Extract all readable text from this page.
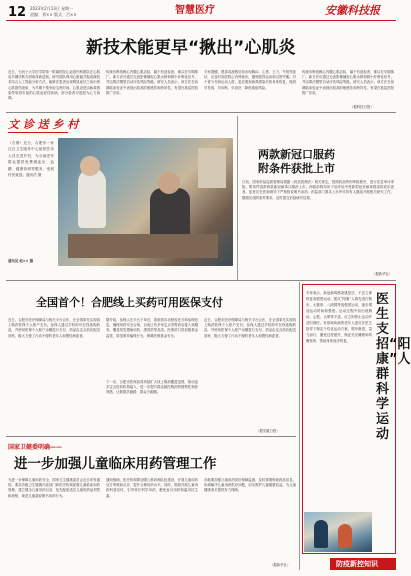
12 2023年2月13日 星期一
责编：刘×× 版式：吕××	智慧医疗	安徽科技报
新技术能更早“揪出”心肌炎
近日，石河子大学医学院第一附属医院心血管内科团队在心肌炎早期诊断方面取得新进展。研究团队利用心脏磁共振成像技术结合人工智能分析方法，能够在患者出现明显症状之前识别心肌损伤迹象，为早期干预争取宝贵时间。心肌炎是由病毒感染等原因引起的心肌炎症性疾病，部分患者可进展为心力衰竭。
传统诊断依赖心内膜心肌活检，属于有创检查，难以在早期推广。新方法可通过无创影像捕捉心肌水肿和微小纤维化信号，并由算法模型自动评估风险等级。研究人员表示，该方法在前期临床验证中表现出较高的敏感性和特异性，有望在基层医院推广应用。
专家提醒，感冒或流感后如出现胸闷、心悸、乏力、气短等症状，应及时到医院心内科就诊，避免剧烈运动和过度劳累。对于青少年和运动人群，更应重视病毒感染后的身体恢复，做到早发现、早诊断、早治疗，降低重症风险。
传统诊断依赖心内膜心肌活检，属于有创检查，难以在早期推广。新方法可通过无创影像捕捉心肌水肿和微小纤维化信号，并由算法模型自动评估风险等级。研究人员表示，该方法在前期临床验证中表现出较高的敏感性和特异性，有望在基层医院推广应用。
（据科技日报）
文 诊 送 乡 村
（右图）近日，合肥市一家社区卫生服务中心组织医务人员走进乡村，为当地老年群众提供免费测血压、血糖、健康咨询等服务，受到村民欢迎。通讯员 摄
通讯员 赵×× 摄
两款新冠口服药
附条件获批上市
日前，国家药品监督管理局根据《药品管理法》相关规定，按照药品特别审批程序，进行应急审评审批，附条件批准两款新冠病毒口服药上市。两款药物均用于治疗轻中度新型冠状病毒感染的成年患者。患者应在医师指导下严格按说明书用药。药监部门要求上市许可持有人继续开展相关研究工作，限期完成附条件要求，及时提交后续研究结果。
（据新华社）
全国首个！合肥线上买药可用医保支付
近日，合肥市医疗保障局与相关平台合作，在全国率先实现线上购药医保个人账户支付。参保人通过手机即可在线选购药品，并使用医保个人账户余额进行支付，药品由定点药店配送到家，极大方便了行动不便的老年人和慢性病患者。
据介绍，参保人在平台下单后，系统将自动校验处方和参保信息，确保用药安全合规。目前已有多家定点零售药店接入该服务，覆盖常见慢病用药、感冒药等品类。医保部门将加强基金监管，防范欺诈骗保行为，保障医保基金安全。
下一步，合肥市医保局将持续扩大线上购药覆盖范围，推动更多定点医药机构接入，进一步提升群众就医购药的便利性和获得感，让数据多跑路、群众少跑腿。
近日，合肥市医疗保障局与相关平台合作，在全国率先实现线上购药医保个人账户支付。参保人通过手机即可在线选购药品，并使用医保个人账户余额进行支付，药品由定点药店配送到家，极大方便了行动不便的老年人和慢性病患者。
（据安徽日报）
国家卫健委明确——
进一步加强儿童临床用药管理工作
为进一步保障儿童用药安全，国家卫生健康委员会近日印发通知，要求各级卫生健康行政部门和医疗机构加强儿童临床用药管理，建立健全儿童用药目录，优先配备适宜儿童的药品剂型和规格，规范儿童超说明书用药行为。
通知强调，医疗机构要加强儿科药师队伍建设，开展儿童用药处方审核和点评，提升合理用药水平。同时，鼓励开展儿童用药科普宣传，引导家长科学用药，避免盲目用药和滥用抗生素。
各地要加强儿童用药供应保障监测，及时掌握短缺药品信息，协调解决儿童用药供应问题，切实维护儿童健康权益，为儿童健康成长提供有力保障。
（据新华社）
专家表示，新冠病毒感染康复后，不宜立即恢复高强度运动。建议“阳康”人群先进行散步、太极拳、八段锦等低强度运动，逐步增加运动时间和强度。运动过程中如出现胸闷、心慌、头晕等不适，应立即停止运动并及时就医。有基础疾病的老年人更应在医生指导下制定个性化运动方案，循序渐进，量力而行，避免过度疲劳，保证充足睡眠和均衡营养，帮助身体逐步恢复。
医生支招“阳康”人群科学运动
防疫新控知识
